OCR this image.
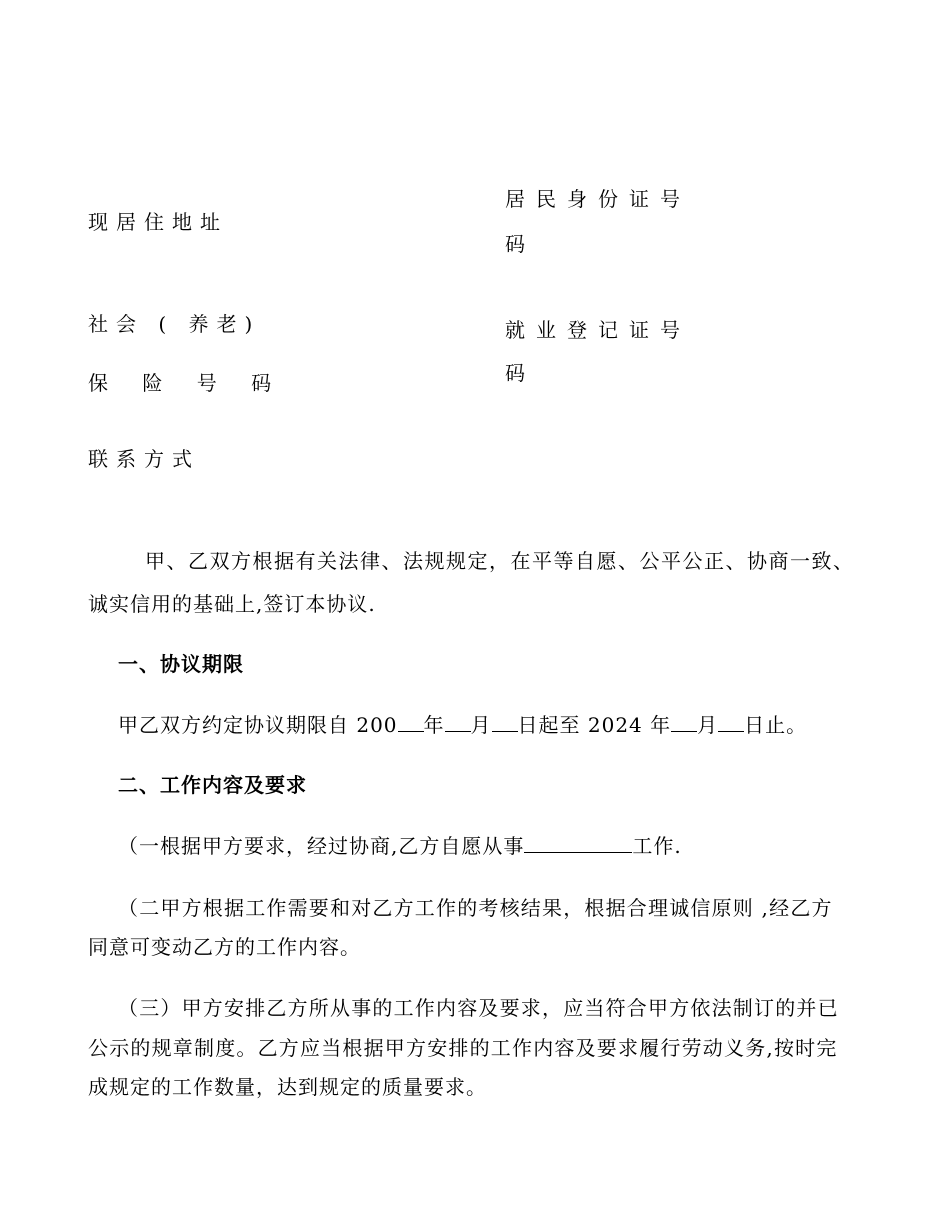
现居住地址
居民身份证号
码
社会 ( 养老)
保 险 号 码
就业登记证号
码
联系方式
甲、乙双方根据有关法律、法规规定，在平等自愿、公平公正、协商一致、
诚实信用的基础上,签订本协议.
一、协议期限
甲乙双方约定协议期限自 200 年 月 日起至 2024 年 月 日止。
二、工作内容及要求
（一根据甲方要求，经过协商,乙方自愿从事	工作.
（二甲方根据工作需要和对乙方工作的考核结果，根据合理诚信原则 ,经乙方
同意可变动乙方的工作内容。
（三）甲方安排乙方所从事的工作内容及要求，应当符合甲方依法制订的并已
公示的规章制度。乙方应当根据甲方安排的工作内容及要求履行劳动义务,按时完
成规定的工作数量，达到规定的质量要求。
